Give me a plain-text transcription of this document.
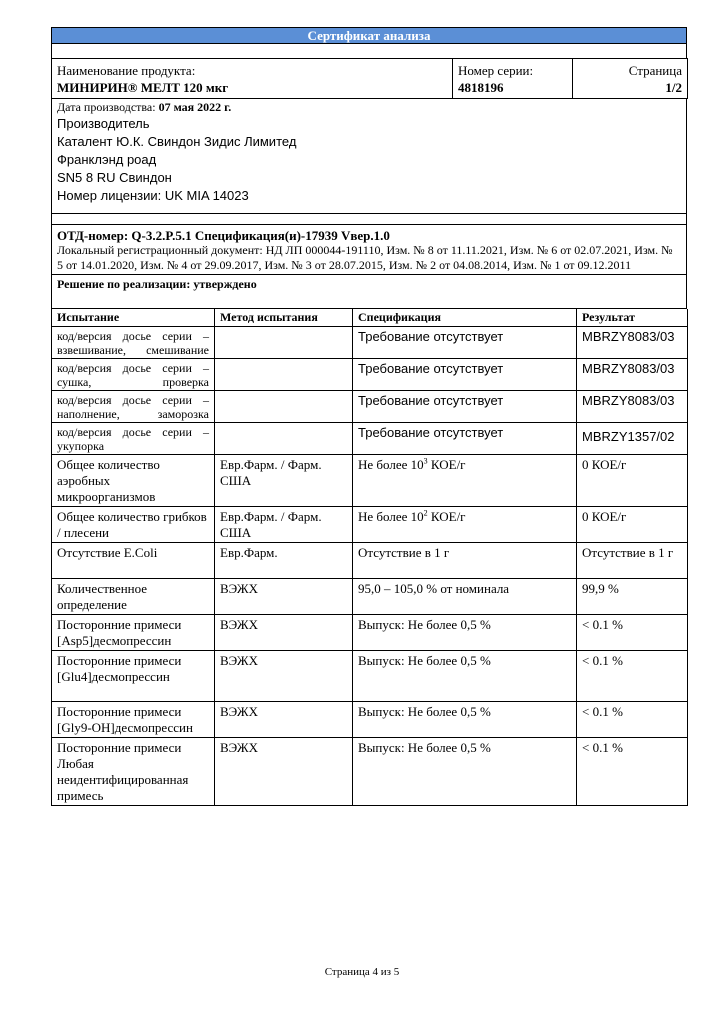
Сертификат анализа
Наименование продукта:
МИНИРИН® МЕЛТ 120 мкг

Номер серии:
4818196

Страница
1/2
Дата производства: 07 мая 2022 г.
Производитель
Каталент Ю.К. Свиндон Зидис Лимитед
Франклэнд роад
SN5 8 RU Свиндон
Номер лицензии: UK MIA 14023
ОТД-номер: Q-3.2.P.5.1 Спецификация(и)-17939 Vвер.1.0
Локальный регистрационный документ: НД ЛП 000044-191110, Изм. № 8 от 11.11.2021, Изм. № 6 от 02.07.2021, Изм. № 5 от 14.01.2020, Изм. № 4 от 29.09.2017, Изм. № 3 от 28.07.2015, Изм. № 2 от 04.08.2014, Изм. № 1 от 09.12.2011
Решение по реализации: утверждено
Испытание	Метод испытания	Спецификация	Результат
код/версия досье серии – взвешивание, смешивание		Требование отсутствует	MBRZY8083/03
код/версия досье серии – сушка, проверка		Требование отсутствует	MBRZY8083/03
код/версия досье серии – наполнение, заморозка		Требование отсутствует	MBRZY8083/03
код/версия досье серии – укупорка		Требование отсутствует	MBRZY1357/02
Общее количество аэробных микроорганизмов	Евр.Фарм. / Фарм. США	Не более $10^3$ КОЕ/г	0 КОЕ/г
Общее количество грибков / плесени	Евр.Фарм. / Фарм. США	Не более $10^2$ КОЕ/г	0 КОЕ/г
Отсутствие E.Coli	Евр.Фарм.	Отсутствие в 1 г	Отсутствие в 1 г
Количественное определение	ВЭЖХ	95,0 – 105,0 % от номинала	99,9 %
Посторонние примеси [Asp5]десмопрессин	ВЭЖХ	Выпуск: Не более 0,5 %	< 0.1 %
Посторонние примеси [Glu4]десмопрессин	ВЭЖХ	Выпуск: Не более 0,5 %	< 0.1 %
Посторонние примеси [Gly9-OH]десмопрессин	ВЭЖХ	Выпуск: Не более 0,5 %	< 0.1 %
Посторонние примеси Любая неидентифицированная примесь	ВЭЖХ	Выпуск: Не более 0,5 %	< 0.1 %
Страница 4 из 5
